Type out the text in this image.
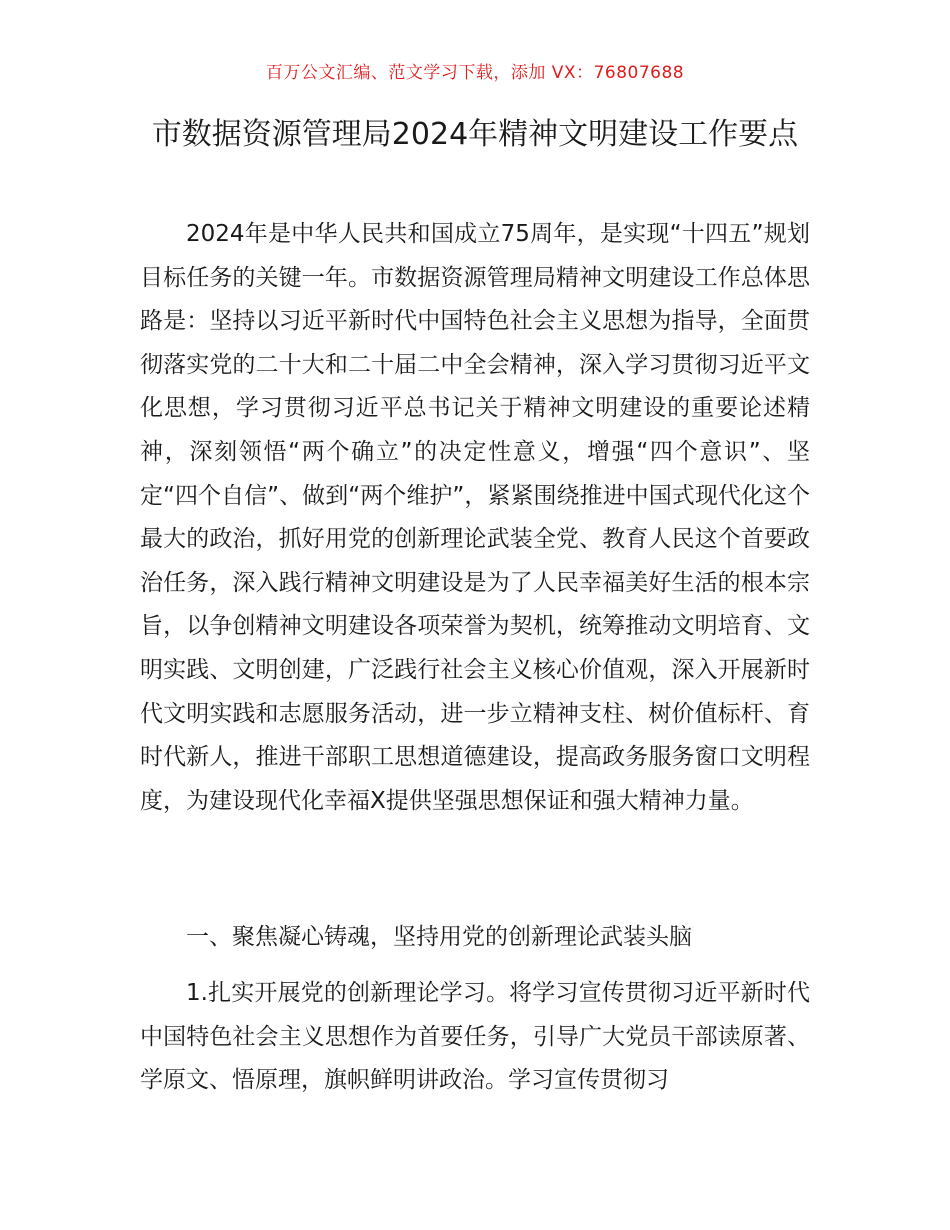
百万公文汇编、范文学习下载，添加 VX：76807688
市数据资源管理局2024年精神文明建设工作要点
2024年是中华人民共和国成立75周年，是实现“十四五”规划目标任务的关键一年。市数据资源管理局精神文明建设工作总体思路是：坚持以习近平新时代中国特色社会主义思想为指导，全面贯彻落实党的二十大和二十届二中全会精神，深入学习贯彻习近平文化思想，学习贯彻习近平总书记关于精神文明建设的重要论述精神，深刻领悟“两个确立”的决定性意义，增强“四个意识”、坚定“四个自信”、做到“两个维护”，紧紧围绕推进中国式现代化这个最大的政治，抓好用党的创新理论武装全党、教育人民这个首要政治任务，深入践行精神文明建设是为了人民幸福美好生活的根本宗旨，以争创精神文明建设各项荣誉为契机，统筹推动文明培育、文明实践、文明创建，广泛践行社会主义核心价值观，深入开展新时代文明实践和志愿服务活动，进一步立精神支柱、树价值标杆、育时代新人，推进干部职工思想道德建设，提高政务服务窗口文明程度，为建设现代化幸福X提供坚强思想保证和强大精神力量。
一、聚焦凝心铸魂，坚持用党的创新理论武装头脑
1.扎实开展党的创新理论学习。将学习宣传贯彻习近平新时代中国特色社会主义思想作为首要任务，引导广大党员干部读原著、学原文、悟原理，旗帜鲜明讲政治。学习宣传贯彻习
